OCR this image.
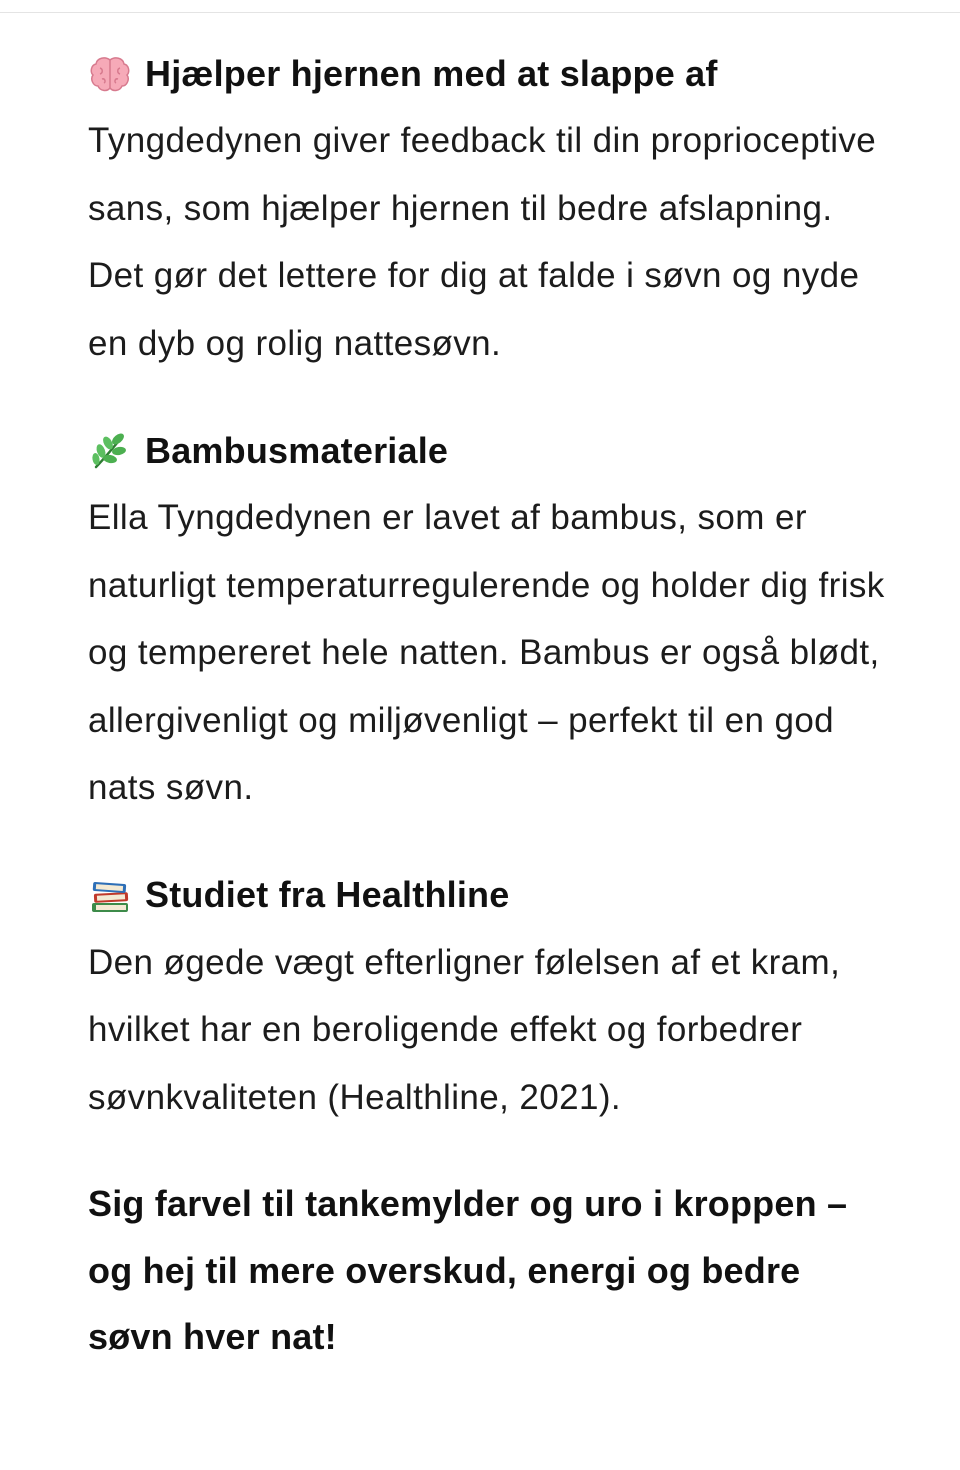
Hjælper hjernen med at slappe af

Tyngdedynen giver feedback til din proprioceptive sans, som hjælper hjernen til bedre afslapning. Det gør det lettere for dig at falde i søvn og nyde en dyb og rolig nattesøvn.

Bambusmateriale

Ella Tyngdedynen er lavet af bambus, som er naturligt temperaturregulerende og holder dig frisk og tempereret hele natten. Bambus er også blødt, allergivenligt og miljøvenligt – perfekt til en god nats søvn.

Studiet fra Healthline

Den øgede vægt efterligner følelsen af et kram, hvilket har en beroligende effekt og forbedrer søvnkvaliteten (Healthline, 2021).

Sig farvel til tankemylder og uro i kroppen – og hej til mere overskud, energi og bedre søvn hver nat!
